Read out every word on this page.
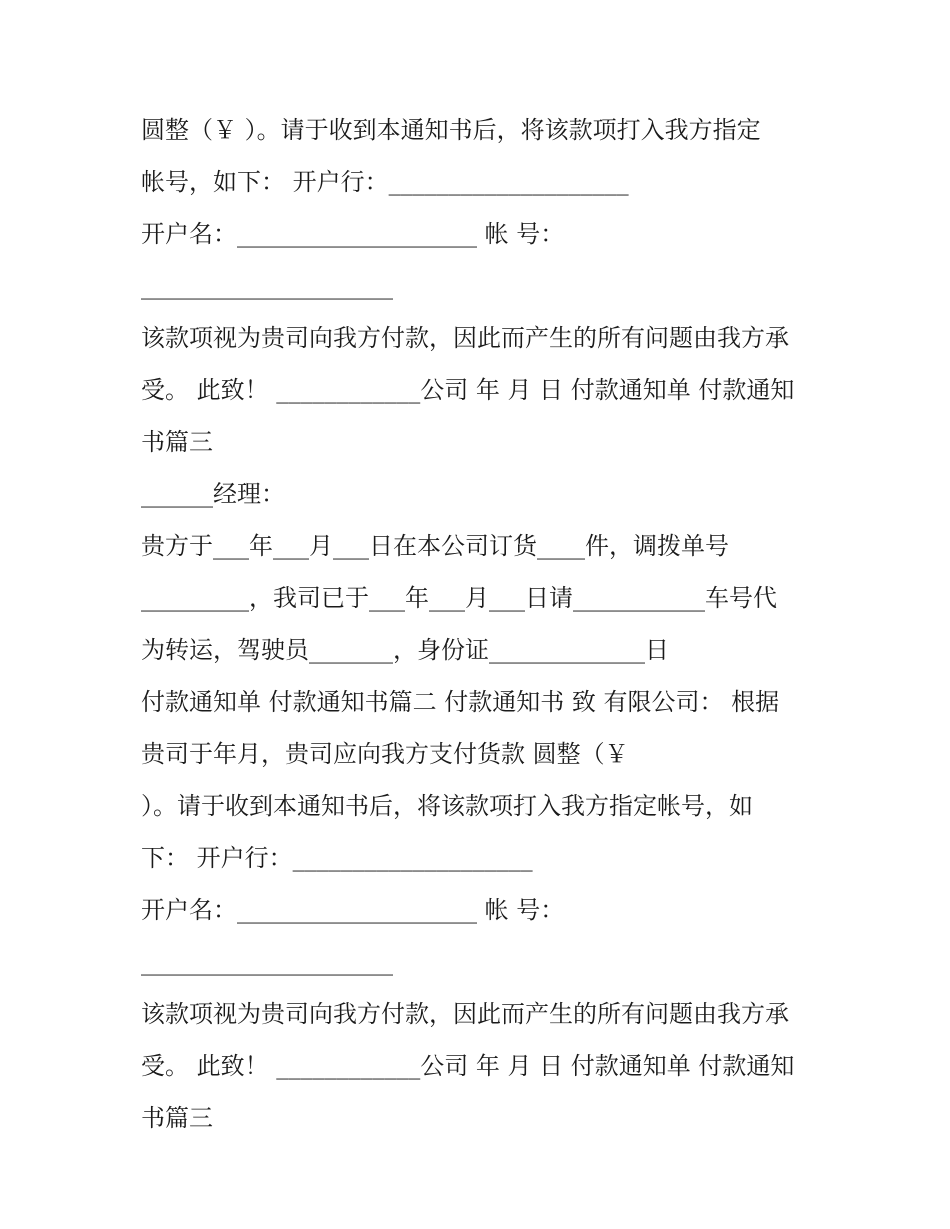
圆整（￥ ）。请于收到本通知书后，将该款项打入我方指定
帐号，如下： 开户行：____________________
开户名：____________________ 帐 号：
_____________________
该款项视为贵司向我方付款，因此而产生的所有问题由我方承
受。 此致！ ____________公司 年 月 日 付款通知单 付款通知
书篇三
______经理：
贵方于___年___月___日在本公司订货____件，调拨单号
_________，我司已于___年___月___日请___________车号代
为转运，驾驶员_______，身份证_____________日
付款通知单 付款通知书篇二 付款通知书 致 有限公司： 根据
贵司于年月，贵司应向我方支付货款 圆整（￥
）。请于收到本通知书后，将该款项打入我方指定帐号，如
下： 开户行：____________________
开户名：____________________ 帐 号：
_____________________
该款项视为贵司向我方付款，因此而产生的所有问题由我方承
受。 此致！ ____________公司 年 月 日 付款通知单 付款通知
书篇三
